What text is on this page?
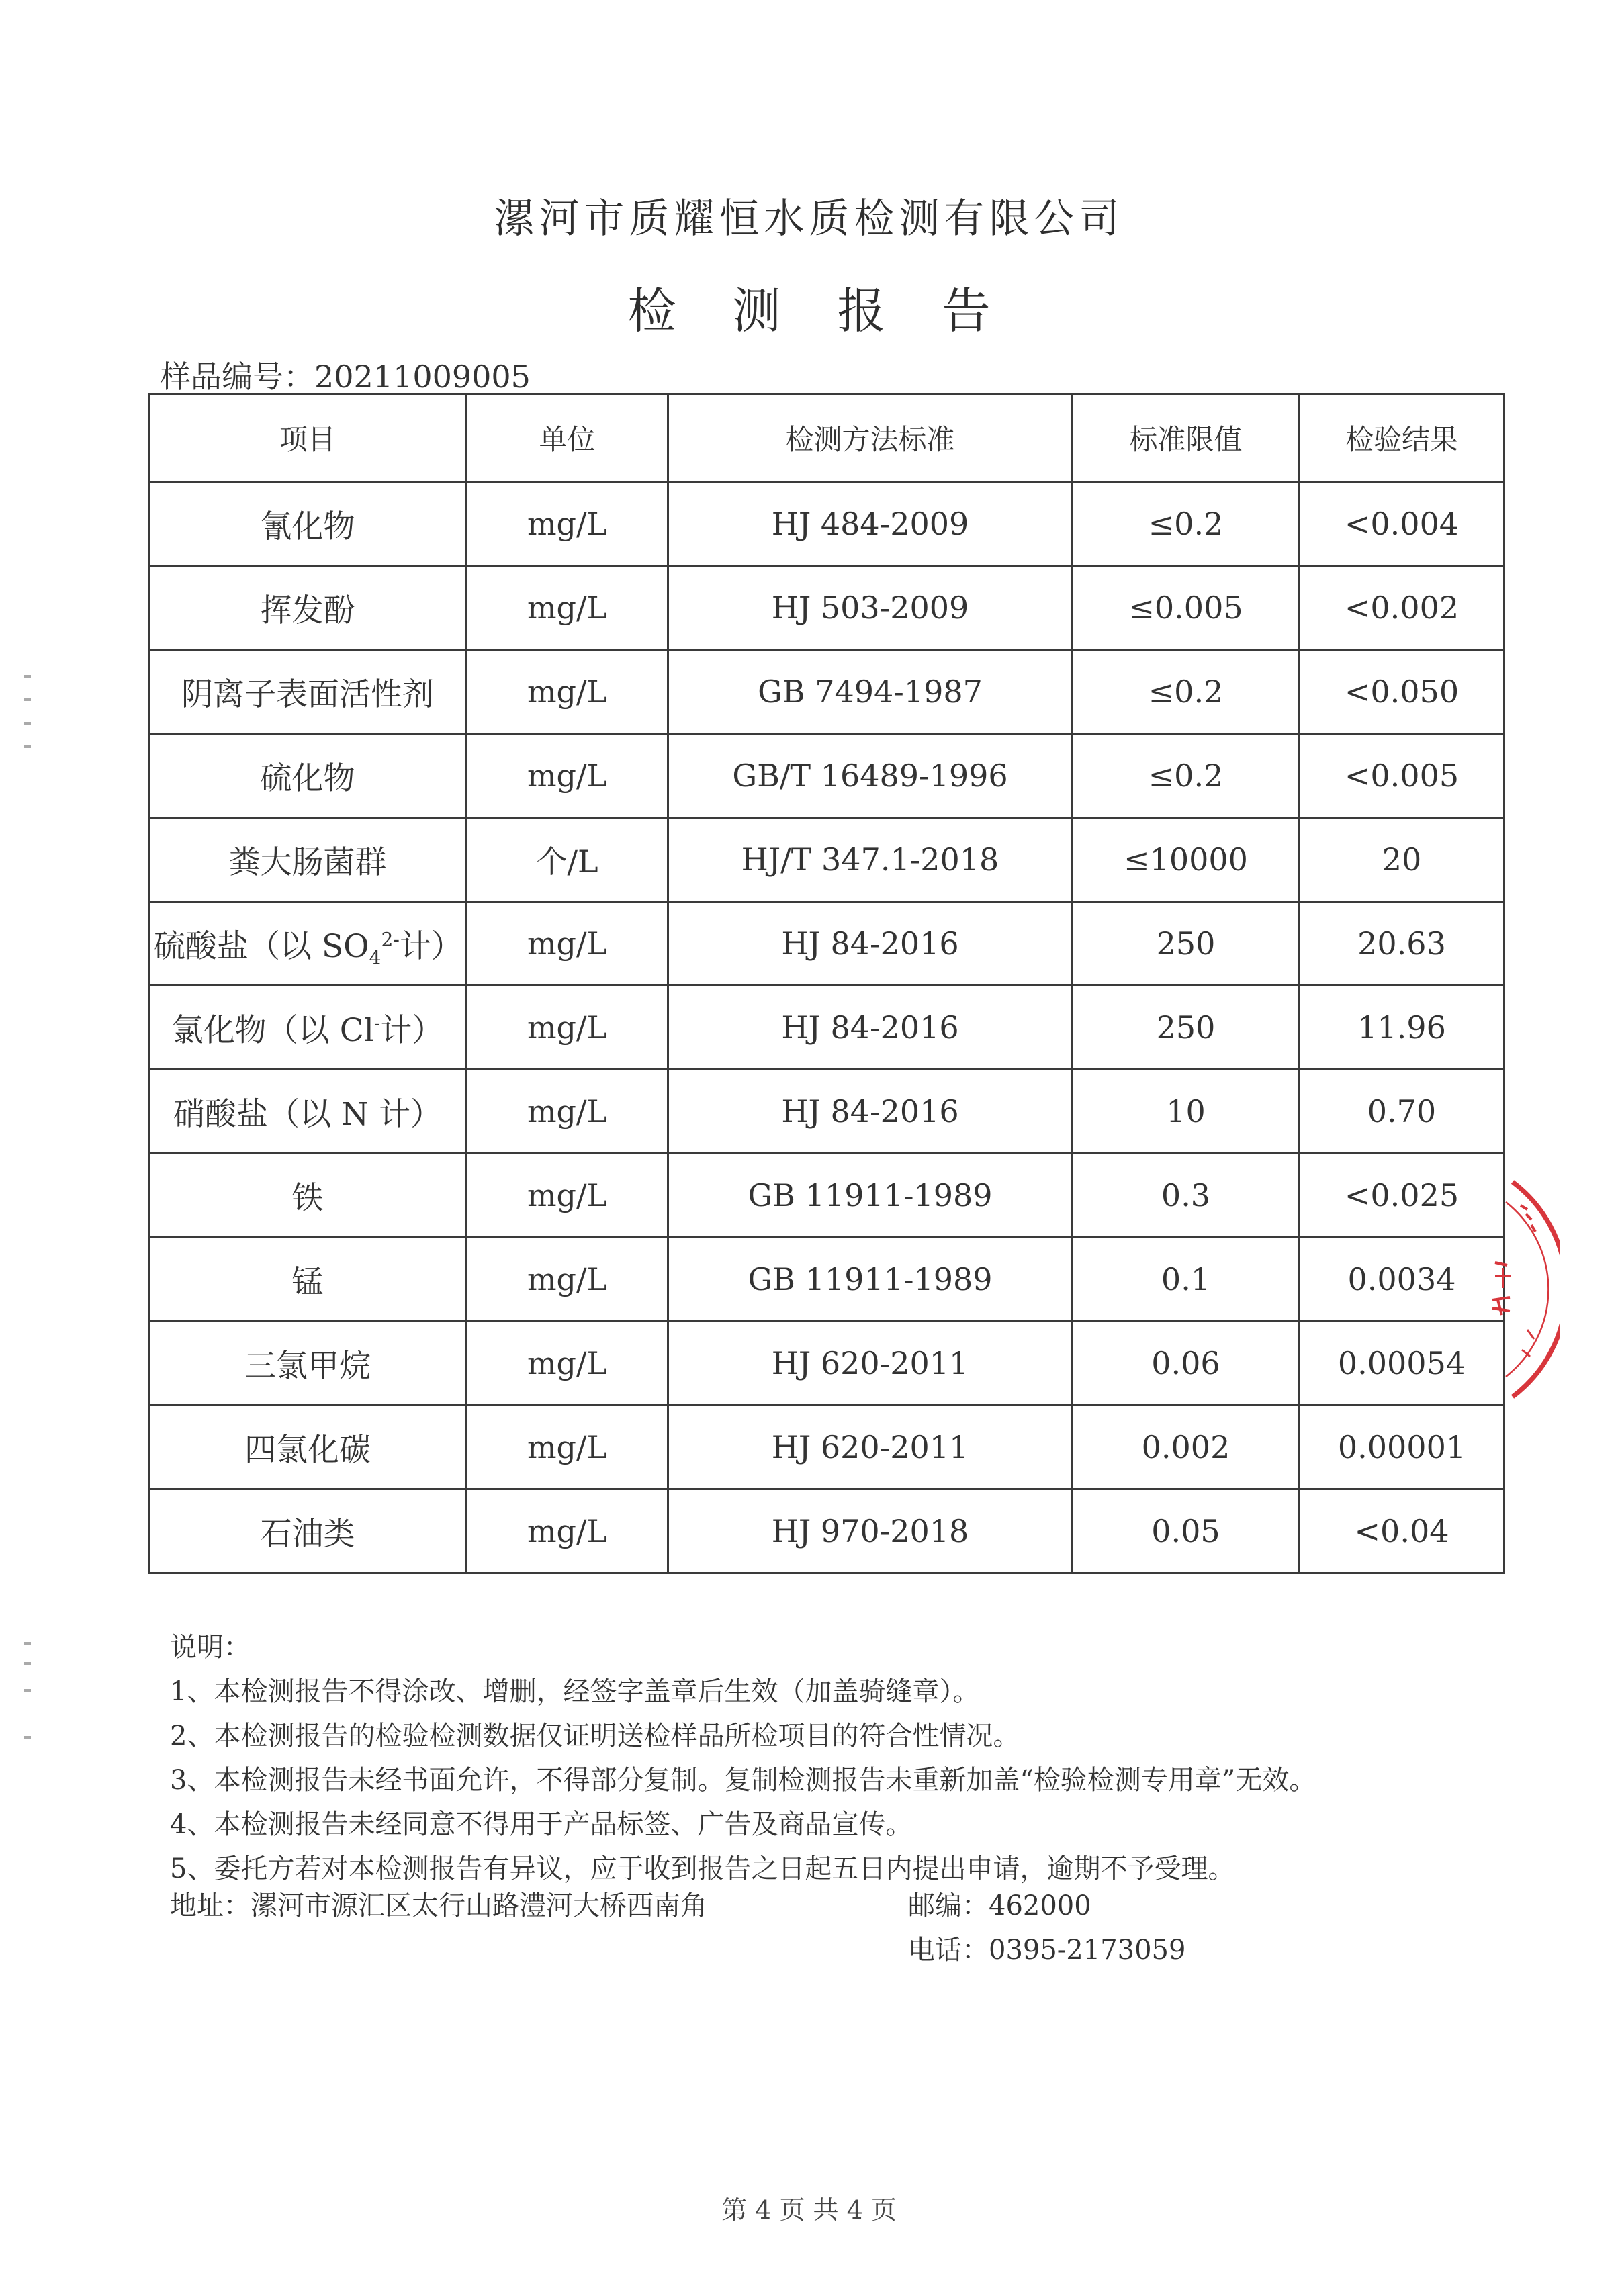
漯河市质耀恒水质检测有限公司
检 测 报 告
样品编号：20211009005
项目	单位	检测方法标准	标准限值	检验结果
氰化物	mg/L	HJ 484-2009	≤0.2	<0.004
挥发酚	mg/L	HJ 503-2009	≤0.005	<0.002
阴离子表面活性剂	mg/L	GB 7494-1987	≤0.2	<0.050
硫化物	mg/L	GB/T 16489-1996	≤0.2	<0.005
粪大肠菌群	个/L	HJ/T 347.1-2018	≤10000	20
硫酸盐（以 $SO_4^{2-}$计）	mg/L	HJ 84-2016	250	20.63
氯化物（以 Cl-计）	mg/L	HJ 84-2016	250	11.96
硝酸盐（以 N 计）	mg/L	HJ 84-2016	10	0.70
铁	mg/L	GB 11911-1989	0.3	<0.025
锰	mg/L	GB 11911-1989	0.1	0.0034
三氯甲烷	mg/L	HJ 620-2011	0.06	0.00054
四氯化碳	mg/L	HJ 620-2011	0.002	0.00001
石油类	mg/L	HJ 970-2018	0.05	<0.04

说明：

1、本检测报告不得涂改、增删，经签字盖章后生效（加盖骑缝章）。

2、本检测报告的检验检测数据仅证明送检样品所检项目的符合性情况。

3、本检测报告未经书面允许，不得部分复制。复制检测报告未重新加盖“检验检测专用章”无效。

4、本检测报告未经同意不得用于产品标签、广告及商品宣传。

5、委托方若对本检测报告有异议，应于收到报告之日起五日内提出申请，逾期不予受理。

地址：漯河市源汇区太行山路澧河大桥西南角	邮编：462000
电话：0395-2173059
第 4 页 共 4 页
